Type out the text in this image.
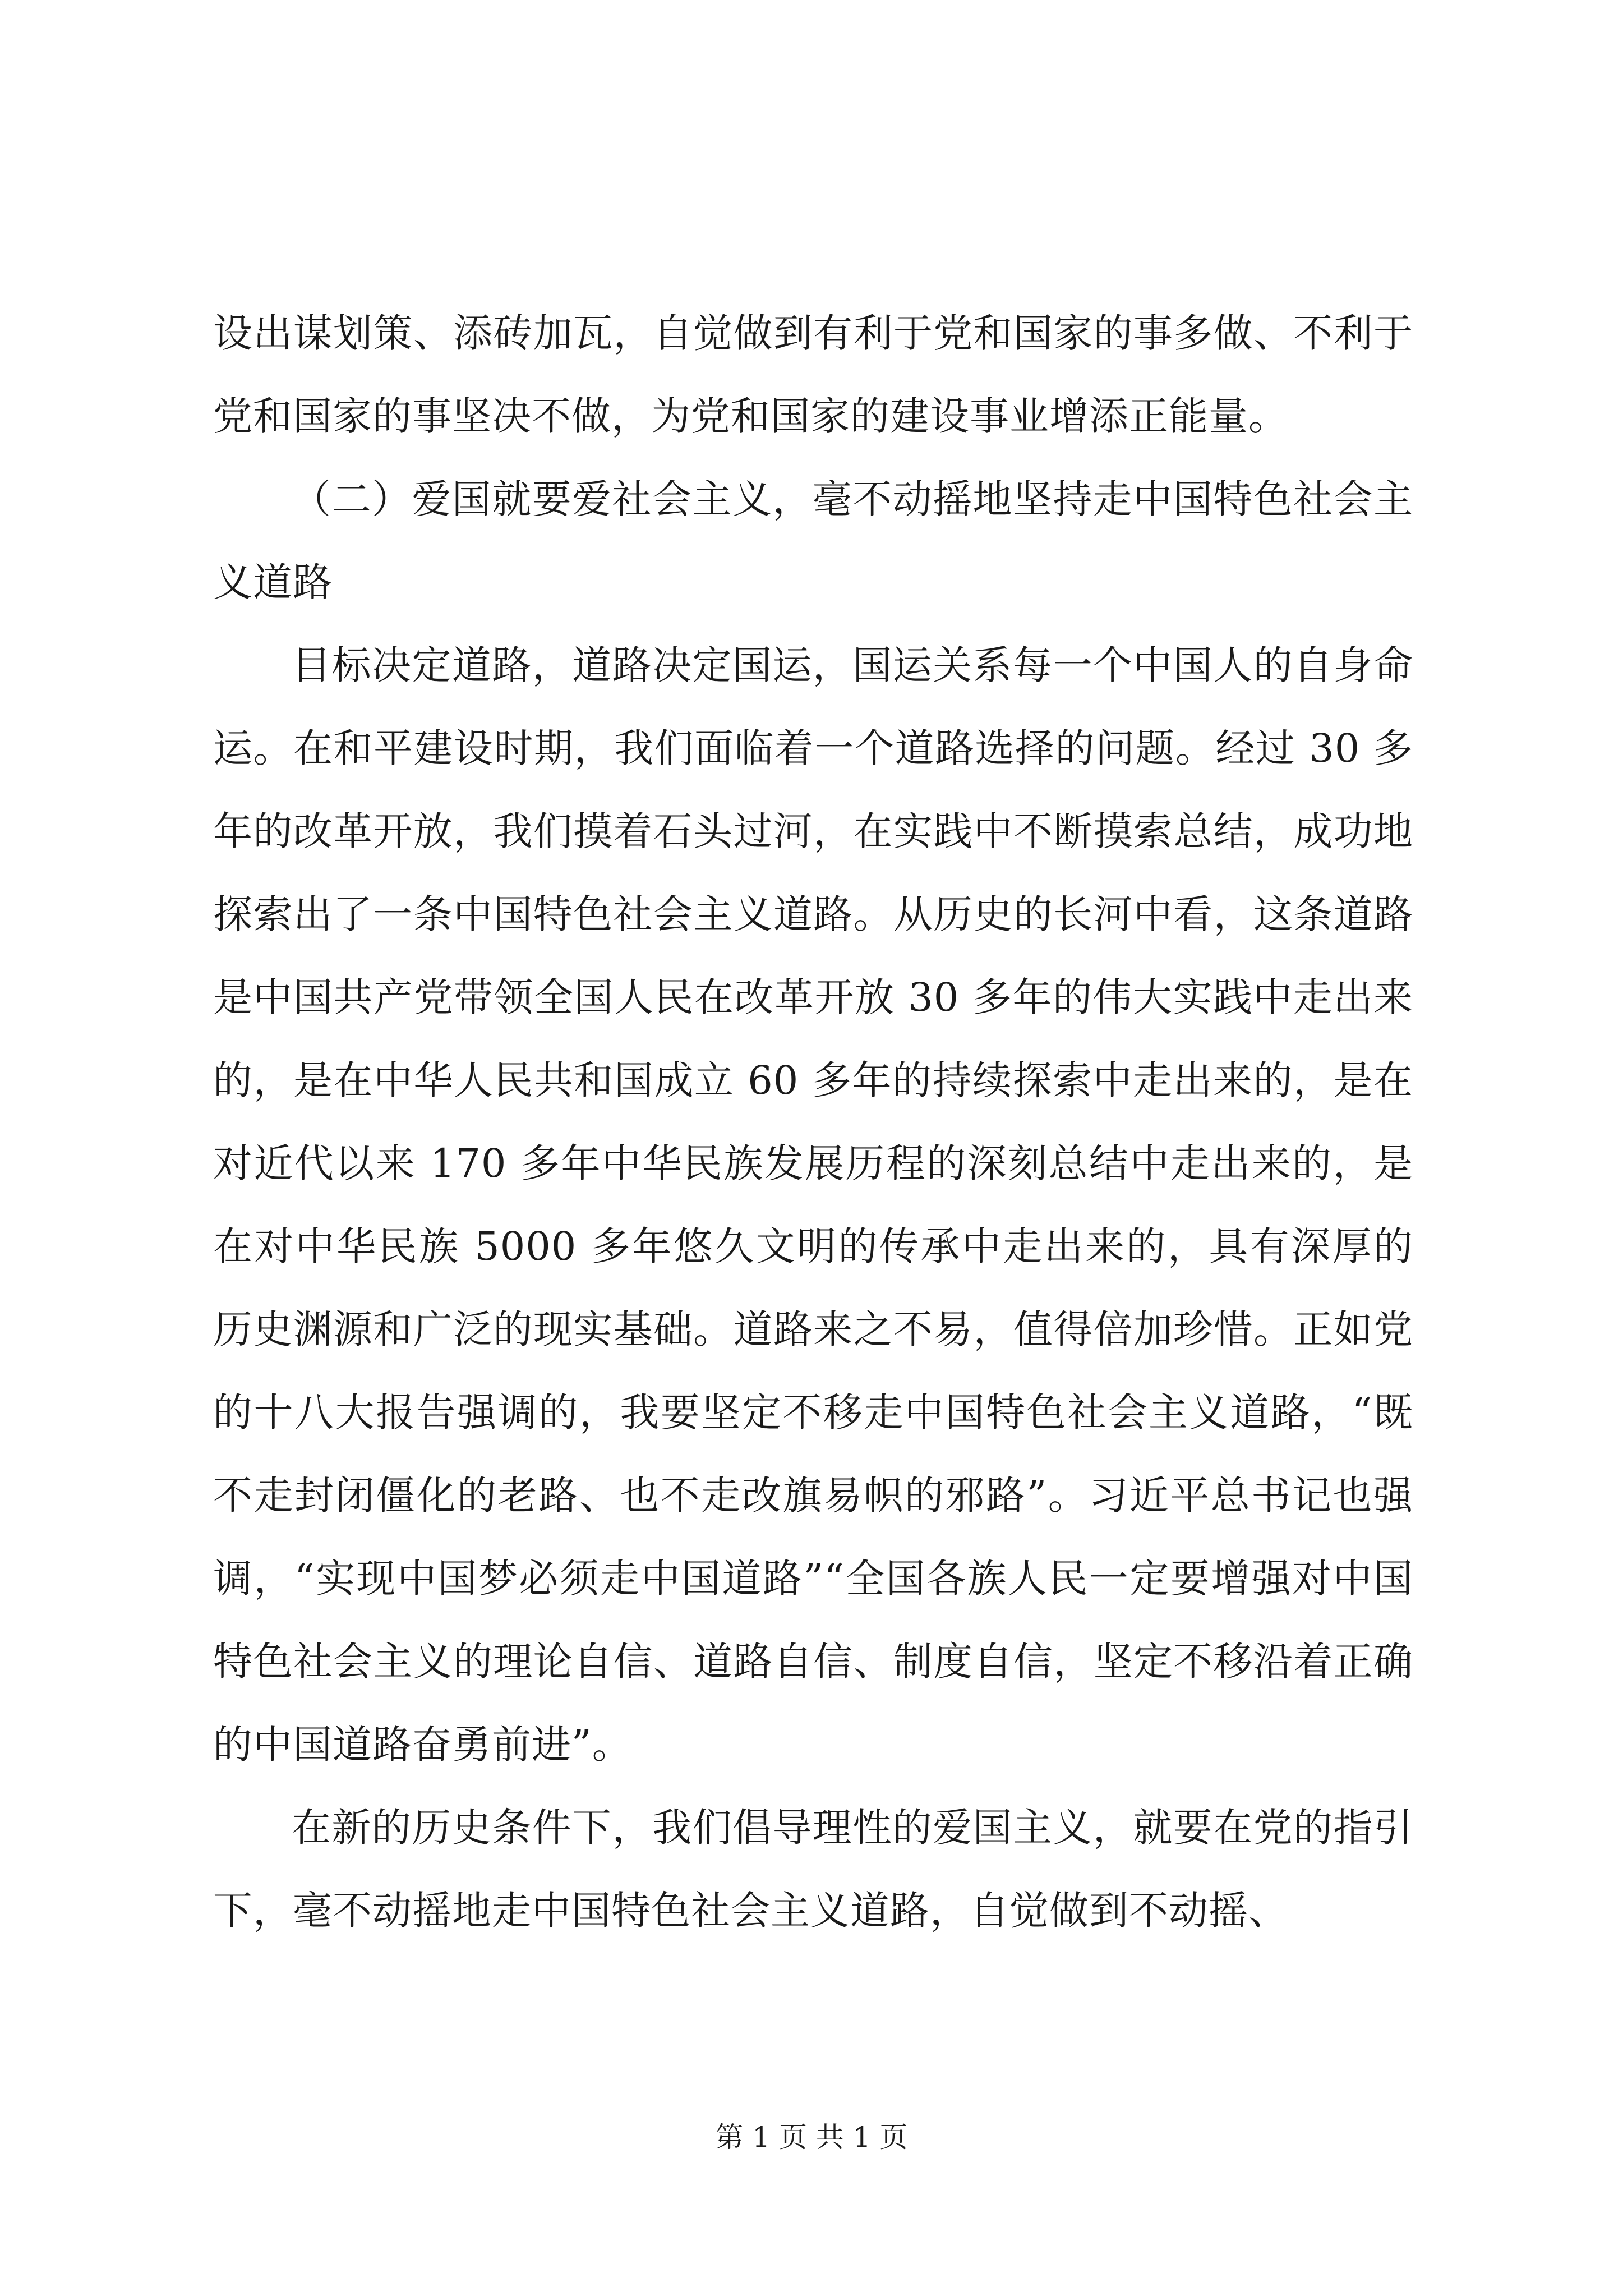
设出谋划策、添砖加瓦，自觉做到有利于党和国家的事多做、不利于党和国家的事坚决不做，为党和国家的建设事业增添正能量。

（二）爱国就要爱社会主义，毫不动摇地坚持走中国特色社会主义道路

目标决定道路，道路决定国运，国运关系每一个中国人的自身命运。在和平建设时期，我们面临着一个道路选择的问题。经过 30 多年的改革开放，我们摸着石头过河，在实践中不断摸索总结，成功地探索出了一条中国特色社会主义道路。从历史的长河中看，这条道路是中国共产党带领全国人民在改革开放 30 多年的伟大实践中走出来的，是在中华人民共和国成立 60 多年的持续探索中走出来的，是在对近代以来 170 多年中华民族发展历程的深刻总结中走出来的，是在对中华民族 5000 多年悠久文明的传承中走出来的，具有深厚的历史渊源和广泛的现实基础。道路来之不易，值得倍加珍惜。正如党的十八大报告强调的，我要坚定不移走中国特色社会主义道路，“既不走封闭僵化的老路、也不走改旗易帜的邪路”。习近平总书记也强调，“实现中国梦必须走中国道路”“全国各族人民一定要增强对中国特色社会主义的理论自信、道路自信、制度自信，坚定不移沿着正确的中国道路奋勇前进”。

在新的历史条件下，我们倡导理性的爱国主义，就要在党的指引下，毫不动摇地走中国特色社会主义道路，自觉做到不动摇、

第 1 页 共 1 页
